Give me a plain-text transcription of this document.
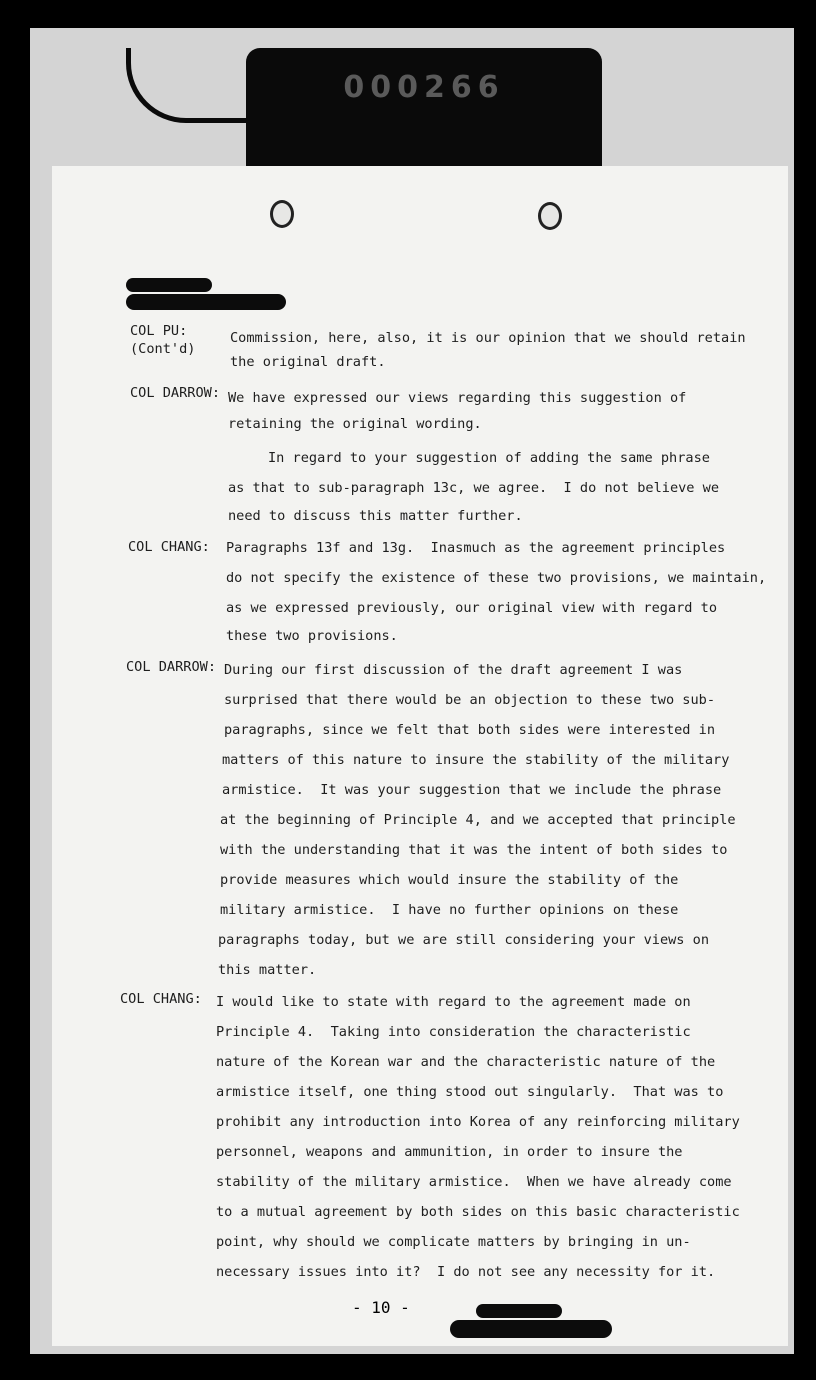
000266
COL PU:
(Cont'd)
COL DARROW:
COL CHANG:
COL DARROW:
COL CHANG:
Commission, here, also, it is our opinion that we should retain
the original draft.
We have expressed our views regarding this suggestion of
retaining the original wording.
In regard to your suggestion of adding the same phrase
as that to sub-paragraph 13c, we agree.  I do not believe we
need to discuss this matter further.
Paragraphs 13f and 13g.  Inasmuch as the agreement principles
do not specify the existence of these two provisions, we maintain,
as we expressed previously, our original view with regard to
these two provisions.
During our first discussion of the draft agreement I was
surprised that there would be an objection to these two sub-
paragraphs, since we felt that both sides were interested in
matters of this nature to insure the stability of the military
armistice.  It was your suggestion that we include the phrase
at the beginning of Principle 4, and we accepted that principle
with the understanding that it was the intent of both sides to
provide measures which would insure the stability of the
military armistice.  I have no further opinions on these
paragraphs today, but we are still considering your views on
this matter.
I would like to state with regard to the agreement made on
Principle 4.  Taking into consideration the characteristic
nature of the Korean war and the characteristic nature of the
armistice itself, one thing stood out singularly.  That was to
prohibit any introduction into Korea of any reinforcing military
personnel, weapons and ammunition, in order to insure the
stability of the military armistice.  When we have already come
to a mutual agreement by both sides on this basic characteristic
point, why should we complicate matters by bringing in un-
necessary issues into it?  I do not see any necessity for it.
- 10 -
